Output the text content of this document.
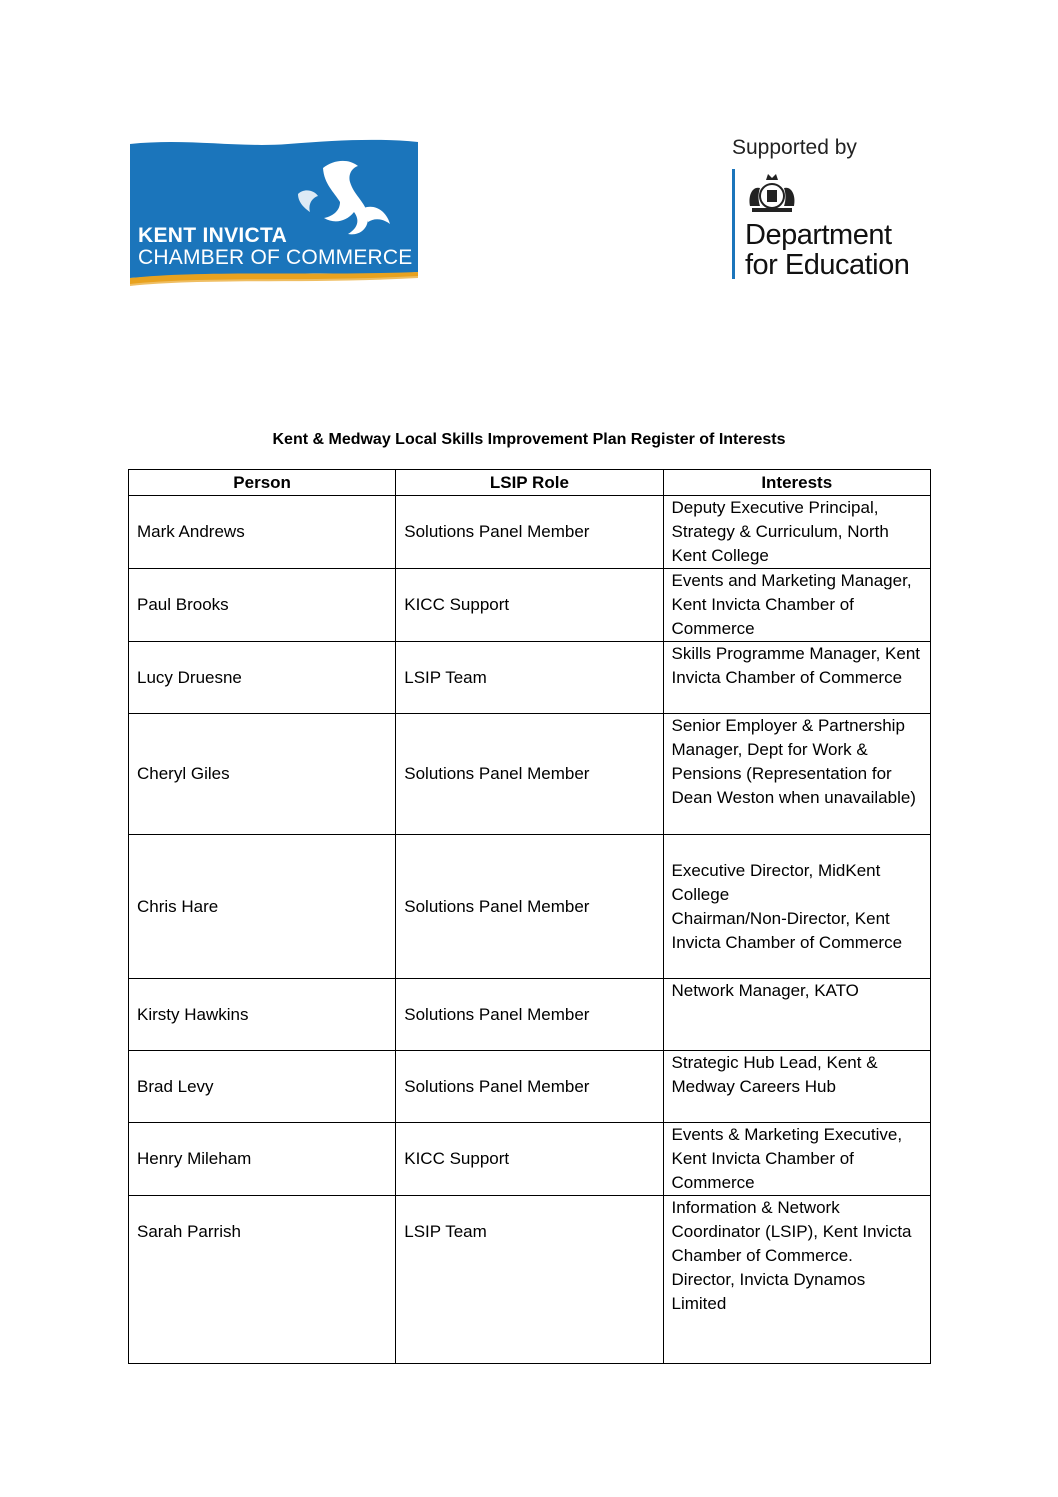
KENT INVICTA
CHAMBER OF COMMERCE
Supported by
Department
for Education
Kent & Medway Local Skills Improvement Plan Register of Interests
Person	LSIP Role	Interests
Mark Andrews	Solutions Panel Member	Deputy Executive Principal, Strategy & Curriculum, North Kent College

Paul Brooks	KICC Support	Events and Marketing Manager, Kent Invicta Chamber of Commerce

Lucy Druesne	LSIP Team	Skills Programme Manager, Kent Invicta Chamber of Commerce

Cheryl Giles	Solutions Panel Member	Senior Employer & Partnership Manager, Dept for Work & Pensions (Representation for Dean Weston when unavailable)

Chris Hare	Solutions Panel Member	Executive Director, MidKent College
Chairman/Non-Director, Kent Invicta Chamber of Commerce

Kirsty Hawkins	Solutions Panel Member	Network Manager, KATO

Brad Levy	Solutions Panel Member	Strategic Hub Lead, Kent & Medway Careers Hub

Henry Mileham	KICC Support	Events & Marketing Executive, Kent Invicta Chamber of Commerce

Sarah Parrish	LSIP Team	Information & Network Coordinator (LSIP), Kent Invicta Chamber of Commerce.
Director, Invicta Dynamos Limited
